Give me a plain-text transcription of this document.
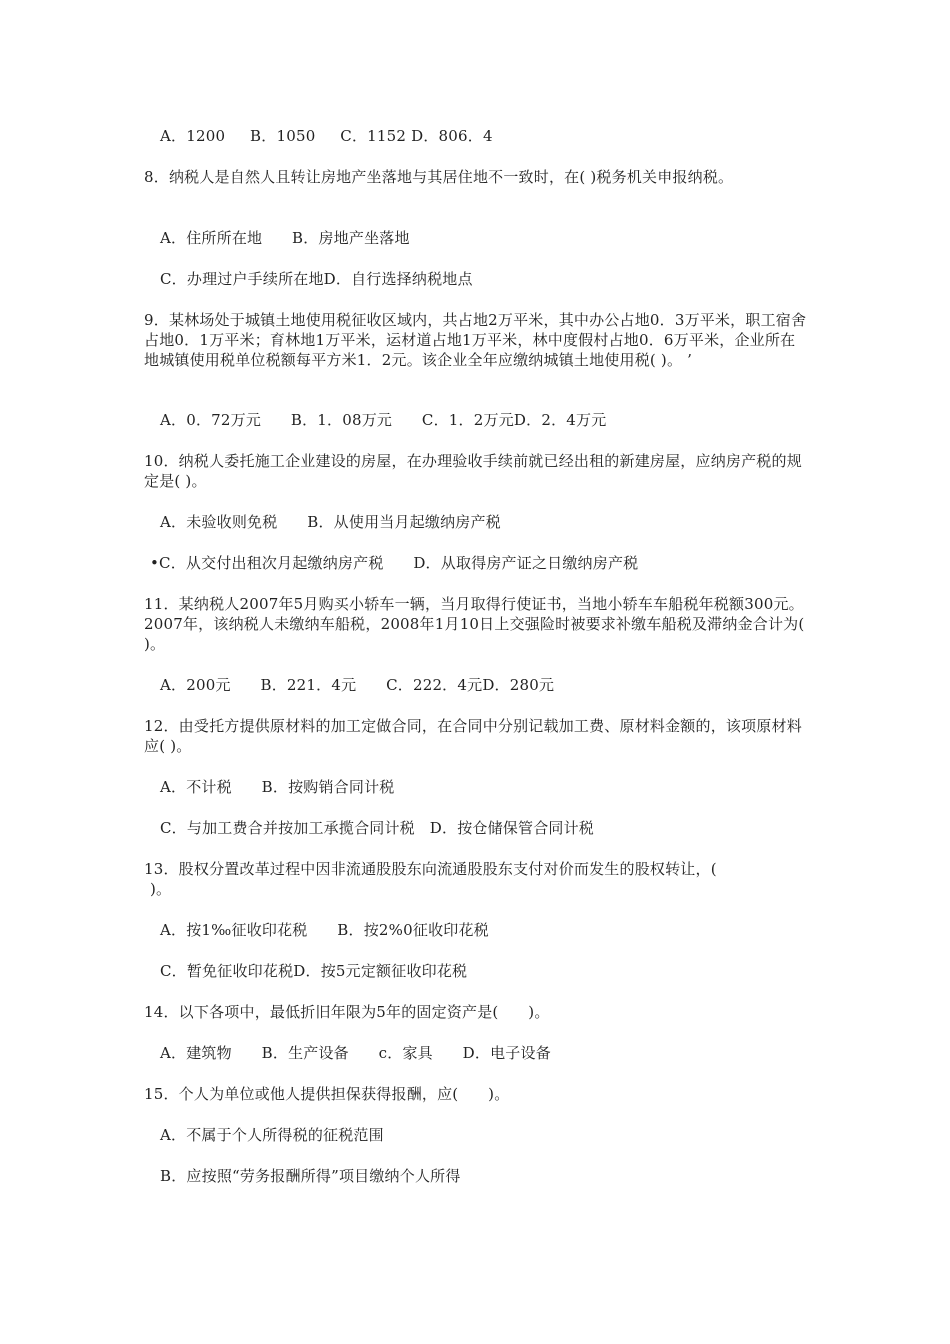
A．1200     B．1050     C．1152 D．806．4
8．纳税人是自然人且转让房地产坐落地与其居住地不一致时，在( )税务机关申报纳税。
A．住所所在地      B．房地产坐落地
C．办理过户手续所在地D．自行选择纳税地点
9．某林场处于城镇土地使用税征收区域内，共占地2万平米，其中办公占地0．3万平米，职工宿舍占地0．1万平米；育林地1万平米，运材道占地1万平米，林中度假村占地0．6万平米，企业所在地城镇使用税单位税额每平方米1．2元。该企业全年应缴纳城镇土地使用税( )。 ’
A．0．72万元      B．1．08万元      C．1．2万元D．2．4万元
10．纳税人委托施工企业建设的房屋，在办理验收手续前就已经出租的新建房屋，应纳房产税的规定是( )。
A．未验收则免税      B．从使用当月起缴纳房产税
•C．从交付出租次月起缴纳房产税      D．从取得房产证之日缴纳房产税
11．某纳税人2007年5月购买小轿车一辆，当月取得行使证书，当地小轿车车船税年税额300元。2007年，该纳税人未缴纳车船税，2008年1月10日上交强险时被要求补缴车船税及滞纳金合计为( )。
A．200元      B．221．4元      C．222．4元D．280元
12．由受托方提供原材料的加工定做合同，在合同中分别记载加工费、原材料金额的，该项原材料应( )。
A．不计税      B．按购销合同计税
C．与加工费合并按加工承揽合同计税   D．按仓储保管合同计税
13．股权分置改革过程中因非流通股股东向流通股股东支付对价而发生的股权转让，(
)。
A．按1‰征收印花税      B．按2%0征收印花税
C．暂免征收印花税D．按5元定额征收印花税
14．以下各项中，最低折旧年限为5年的固定资产是(      )。
A．建筑物      B．生产设备      c．家具      D．电子设备
15．个人为单位或他人提供担保获得报酬，应(      )。
A．不属于个人所得税的征税范围
B．应按照“劳务报酬所得”项目缴纳个人所得
